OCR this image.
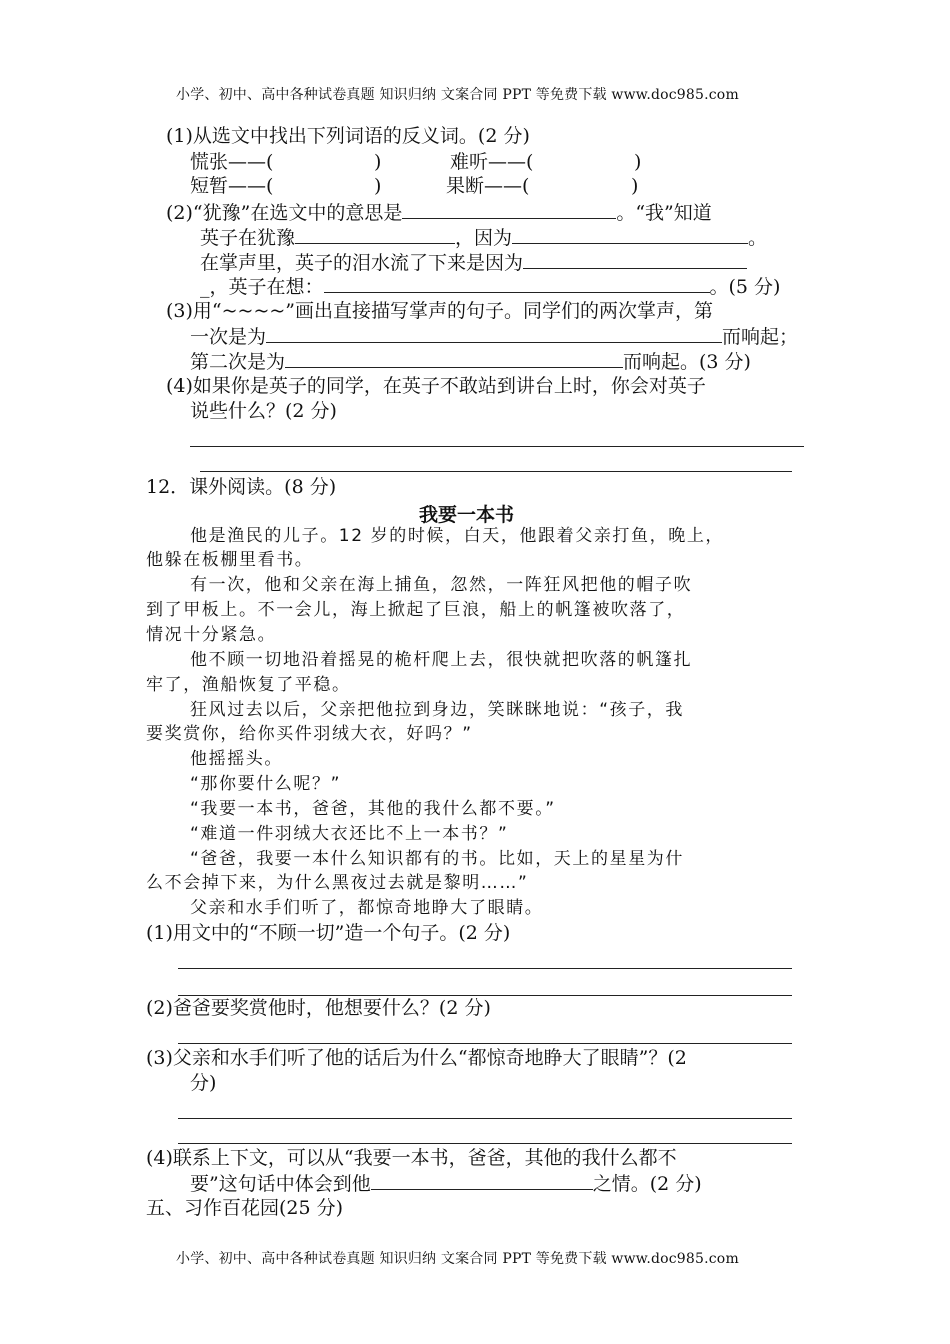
小学、初中、高中各种试卷真题 知识归纳 文案合同 PPT 等免费下载 www.doc985.com
(1)从选文中找出下列词语的反义词。(2 分)
慌张——(	)	难听——(	)
短暂——(	)	果断——(	)
(2)“犹豫”在选文中的意思是	。“我”知道
英子在犹豫	，因为	。
在掌声里，英子的泪水流了下来是因为
_，英子在想：	。(5 分)
(3)用“~~~~”画出直接描写掌声的句子。同学们的两次掌声，第
一次是为	而响起；
第二次是为	而响起。(3 分)
(4)如果你是英子的同学，在英子不敢站到讲台上时，你会对英子
说些什么？(2 分)
12．课外阅读。(8 分)
我要一本书
他是渔民的儿子。12 岁的时候，白天，他跟着父亲打鱼，晚上，
他躲在板棚里看书。
有一次，他和父亲在海上捕鱼，忽然，一阵狂风把他的帽子吹
到了甲板上。不一会儿，海上掀起了巨浪，船上的帆篷被吹落了，
情况十分紧急。
他不顾一切地沿着摇晃的桅杆爬上去，很快就把吹落的帆篷扎
牢了，渔船恢复了平稳。
狂风过去以后，父亲把他拉到身边，笑眯眯地说：“孩子，我
要奖赏你，给你买件羽绒大衣，好吗？”
他摇摇头。
“那你要什么呢？”
“我要一本书，爸爸，其他的我什么都不要。”
“难道一件羽绒大衣还比不上一本书？”
“爸爸，我要一本什么知识都有的书。比如，天上的星星为什
么不会掉下来，为什么黑夜过去就是黎明……”
父亲和水手们听了，都惊奇地睁大了眼睛。
(1)用文中的“不顾一切”造一个句子。(2 分)
(2)爸爸要奖赏他时，他想要什么？(2 分)
(3)父亲和水手们听了他的话后为什么“都惊奇地睁大了眼睛”？(2
分)
(4)联系上下文，可以从“我要一本书，爸爸，其他的我什么都不
要”这句话中体会到他	之情。(2 分)
五、习作百花园(25 分)
小学、初中、高中各种试卷真题 知识归纳 文案合同 PPT 等免费下载 www.doc985.com
